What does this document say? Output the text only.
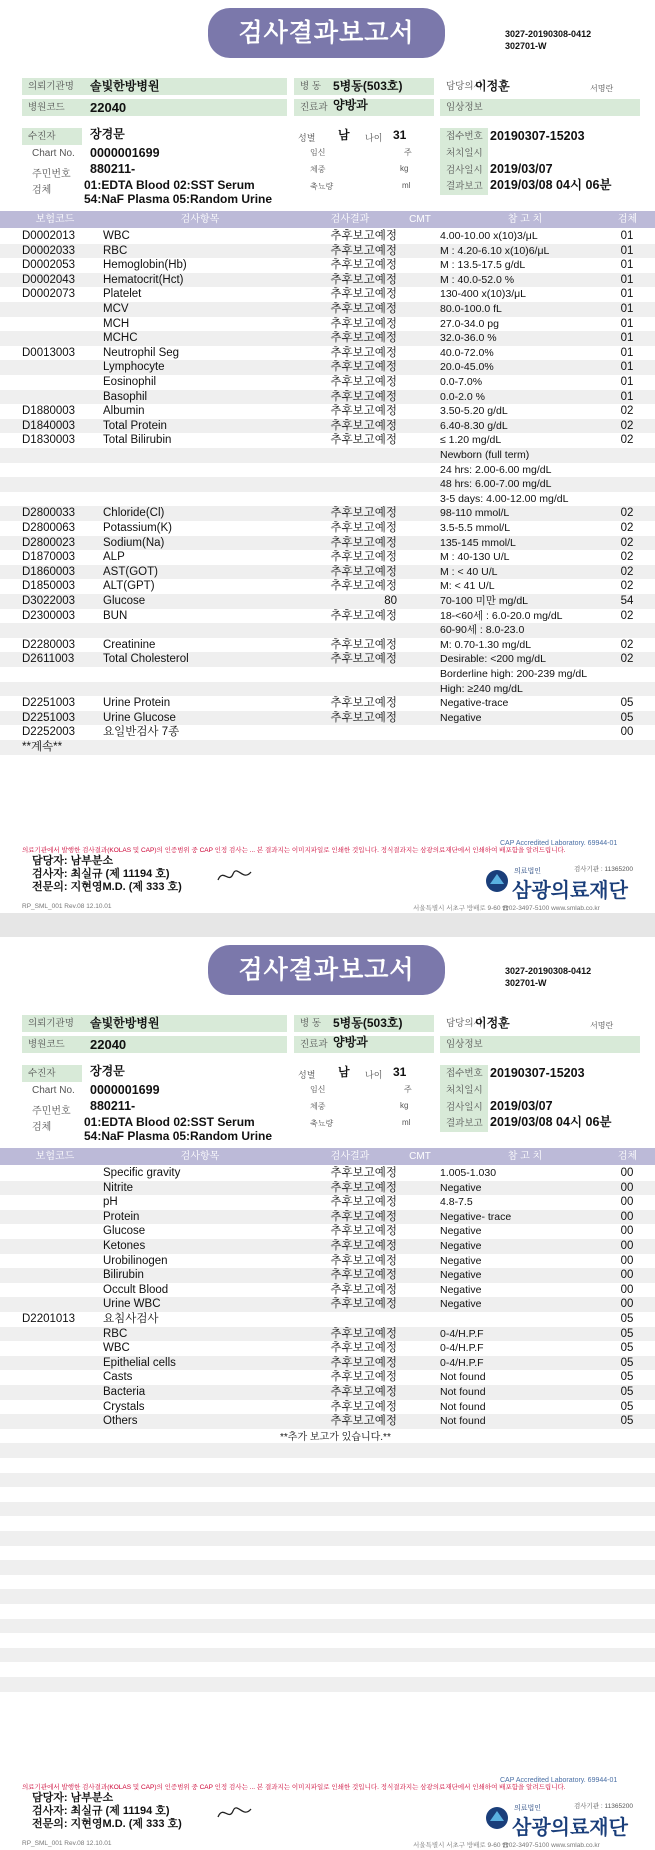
검사결과보고서	3027-20190308-0412
302701-W
의뢰기관명	솔빛한방병원	병 동	5병동(503호)	담당의사
이정훈	서명란
병원코드	22040	진료과 양방과	임상정보
수진자	장경문	성별 남 나이 31	접수번호 20190307-15203
Chart No. 0000001699	임신	주	처치일시
주민번호 880211-	체중	kg	검사일시 2019/03/07
검체	01:EDTA Blood 02:SST Serum
54:NaF Plasma 05:Random Urine
축뇨량	ml	결과보고 2019/03/08 04시 06분
보험코드	검사항목	검사결과	CMT	참 고 치	검체
D0002013	WBC	추후보고예정	4.00-10.00 x(10)3/μL	01
D0002033	RBC	추후보고예정	M : 4.20-6.10 x(10)6/μL	01
D0002053	Hemoglobin(Hb)	추후보고예정	M : 13.5-17.5 g/dL	01
D0002043	Hematocrit(Hct)	추후보고예정	M : 40.0-52.0 %	01
D0002073	Platelet	추후보고예정	130-400 x(10)3/μL	01
MCV	추후보고예정	80.0-100.0 fL	01
MCH	추후보고예정	27.0-34.0 pg	01
MCHC	추후보고예정	32.0-36.0 %	01
D0013003	Neutrophil Seg	추후보고예정	40.0-72.0%	01
Lymphocyte	추후보고예정	20.0-45.0%	01
Eosinophil	추후보고예정	0.0-7.0%	01
Basophil	추후보고예정	0.0-2.0 %	01
D1880003	Albumin	추후보고예정	3.50-5.20 g/dL	02
D1840003	Total Protein	추후보고예정	6.40-8.30 g/dL	02
D1830003	Total Bilirubin	추후보고예정	≤ 1.20 mg/dL	02
Newborn (full term)
24 hrs: 2.00-6.00 mg/dL
48 hrs: 6.00-7.00 mg/dL
3-5 days: 4.00-12.00 mg/dL
D2800033	Chloride(Cl)	추후보고예정	98-110 mmol/L	02
D2800063	Potassium(K)	추후보고예정	3.5-5.5 mmol/L	02
D2800023	Sodium(Na)	추후보고예정	135-145 mmol/L	02
D1870003	ALP	추후보고예정	M : 40-130 U/L	02
D1860003	AST(GOT)	추후보고예정	M : < 40 U/L	02
D1850003	ALT(GPT)	추후보고예정	M: < 41 U/L	02
D3022003	Glucose	80	70-100 미만 mg/dL	54
D2300003	BUN	추후보고예정	18-<60세 : 6.0-20.0 mg/dL	02
60-90세 : 8.0-23.0
D2280003	Creatinine	추후보고예정	M: 0.70-1.30 mg/dL	02
D2611003	Total Cholesterol	추후보고예정	Desirable: <200 mg/dL	02
Borderline high: 200-239 mg/dL
High: ≥240 mg/dL
D2251003	Urine Protein	추후보고예정	Negative-trace	05
D2251003	Urine Glucose	추후보고예정	Negative	05
D2252003	요일반검사 7종	00
**계속**
의료기관에서 발행한 검사결과(KOLAS 및 CAP)의 인증범위 중 CAP 인정 검사는 ... 본 결과지는 이미지파일로 인쇄한 것입니다. 정식결과지는 삼광의료재단에서 인쇄하여 배포함을 알려드립니다.
CAP Accredited Laboratory. 69944-01
담당자: 남부분소
검사자: 최실규 (제 11194 호)
전문의: 지현영M.D. (제 333 호)
의료법인
삼광의료재단
검사기관 : 11365200
RP_SML_001 Rev.08 12.10.01	서울특별시 서초구 방배로 9-60 ☎02-3497-5100 www.smlab.co.kr
검사결과보고서	3027-20190308-0412
302701-W
의뢰기관명	솔빛한방병원	병 동	5병동(503호)	담당의사
이정훈	서명란
병원코드	22040	진료과 양방과	임상정보
수진자	장경문	성별 남 나이 31	접수번호 20190307-15203
Chart No. 0000001699	임신	주	처치일시
주민번호 880211-	체중	kg	검사일시 2019/03/07
검체	01:EDTA Blood 02:SST Serum
54:NaF Plasma 05:Random Urine
축뇨량	ml	결과보고 2019/03/08 04시 06분
보험코드	검사항목	검사결과	CMT	참 고 치	검체
Specific gravity	추후보고예정	1.005-1.030	00
Nitrite	추후보고예정	Negative	00
pH	추후보고예정	4.8-7.5	00
Protein	추후보고예정	Negative- trace	00
Glucose	추후보고예정	Negative	00
Ketones	추후보고예정	Negative	00
Urobilinogen	추후보고예정	Negative	00
Bilirubin	추후보고예정	Negative	00
Occult Blood	추후보고예정	Negative	00
Urine WBC	추후보고예정	Negative	00
D2201013	요침사검사	05
RBC	추후보고예정	0-4/H.P.F	05
WBC	추후보고예정	0-4/H.P.F	05
Epithelial cells	추후보고예정	0-4/H.P.F	05
Casts	추후보고예정	Not found	05
Bacteria	추후보고예정	Not found	05
Crystals	추후보고예정	Not found	05
Others	추후보고예정	Not found	05
**추가 보고가 있습니다.**
의료기관에서 발행한 검사결과(KOLAS 및 CAP)의 인증범위 중 CAP 인정 검사는 ... 본 결과지는 이미지파일로 인쇄한 것입니다. 정식결과지는 삼광의료재단에서 인쇄하여 배포함을 알려드립니다.
CAP Accredited Laboratory. 69944-01
담당자: 남부분소
검사자: 최실규 (제 11194 호)
전문의: 지현영M.D. (제 333 호)
의료법인
삼광의료재단
검사기관 : 11365200
RP_SML_001 Rev.08 12.10.01	서울특별시 서초구 방배로 9-60 ☎02-3497-5100 www.smlab.co.kr
